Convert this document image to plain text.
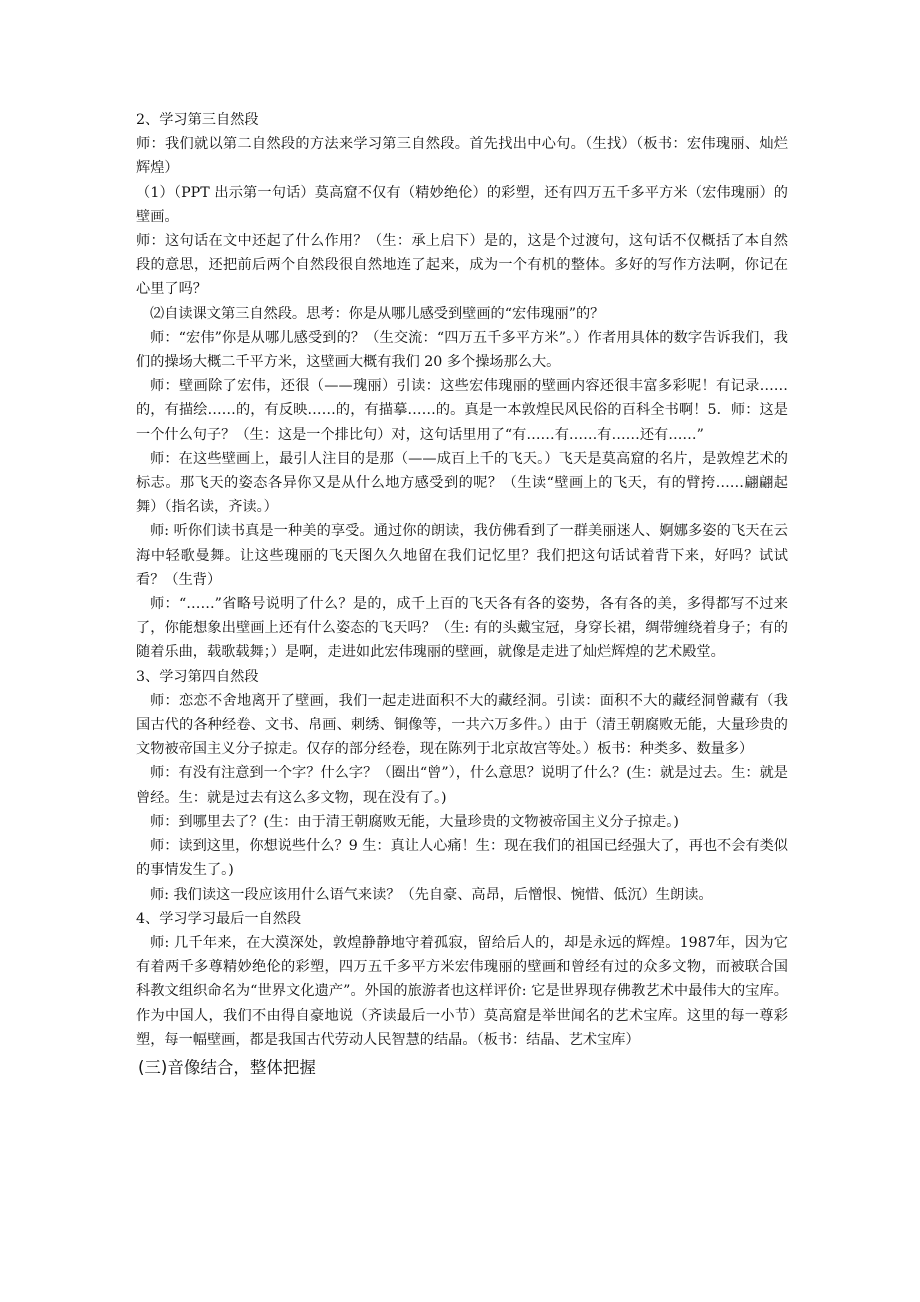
2、学习第三自然段

师：我们就以第二自然段的方法来学习第三自然段。首先找出中心句。（生找）（板书：宏伟瑰丽、灿烂辉煌）

（1）（PPT 出示第一句话）莫高窟不仅有（精妙绝伦）的彩塑，还有四万五千多平方米（宏伟瑰丽）的壁画。

师：这句话在文中还起了什么作用？（生：承上启下）是的，这是个过渡句，这句话不仅概括了本自然段的意思，还把前后两个自然段很自然地连了起来，成为一个有机的整体。多好的写作方法啊，你记在心里了吗？

⑵自读课文第三自然段。思考：你是从哪儿感受到壁画的“宏伟瑰丽”的？

师：“宏伟”你是从哪儿感受到的？（生交流：“四万五千多平方米”。）作者用具体的数字告诉我们，我们的操场大概二千平方米，这壁画大概有我们 20 多个操场那么大。

师：壁画除了宏伟，还很（——瑰丽）引读：这些宏伟瑰丽的壁画内容还很丰富多彩呢！有记录……的，有描绘……的，有反映……的，有描摹……的。真是一本敦煌民风民俗的百科全书啊！5．师：这是一个什么句子？（生：这是一个排比句）对，这句话里用了“有……有……有……还有……”

师：在这些壁画上，最引人注目的是那（——成百上千的飞天。）飞天是莫高窟的名片，是敦煌艺术的标志。那飞天的姿态各异你又是从什么地方感受到的呢？（生读“壁画上的飞天，有的臂挎……翩翩起舞）（指名读，齐读。）

师: 听你们读书真是一种美的享受。通过你的朗读，我仿佛看到了一群美丽迷人、婀娜多姿的飞天在云海中轻歌曼舞。让这些瑰丽的飞天图久久地留在我们记忆里？我们把这句话试着背下来，好吗？试试看？（生背）

师：“……”省略号说明了什么？是的，成千上百的飞天各有各的姿势，各有各的美，多得都写不过来了，你能想象出壁画上还有什么姿态的飞天吗？（生: 有的头戴宝冠，身穿长裙，绸带缠绕着身子；有的随着乐曲，载歌载舞；）是啊，走进如此宏伟瑰丽的壁画，就像是走进了灿烂辉煌的艺术殿堂。

3、学习第四自然段

师：恋恋不舍地离开了壁画，我们一起走进面积不大的藏经洞。引读：面积不大的藏经洞曾藏有（我国古代的各种经卷、文书、帛画、刺绣、铜像等，一共六万多件。）由于（清王朝腐败无能，大量珍贵的文物被帝国主义分子掠走。仅存的部分经卷，现在陈列于北京故宫等处。）板书：种类多、数量多）

师：有没有注意到一个字？什么字？（圈出“曾”），什么意思？说明了什么？(生：就是过去。生：就是曾经。生：就是过去有这么多文物，现在没有了。)

师：到哪里去了？(生：由于清王朝腐败无能，大量珍贵的文物被帝国主义分子掠走。)

师：读到这里，你想说些什么？9 生：真让人心痛！生：现在我们的祖国已经强大了，再也不会有类似的事情发生了。)

师: 我们读这一段应该用什么语气来读？（先自豪、高昂，后憎恨、惋惜、低沉）生朗读。

4、学习学习最后一自然段

师: 几千年来，在大漠深处，敦煌静静地守着孤寂，留给后人的，却是永远的辉煌。1987年，因为它有着两千多尊精妙绝伦的彩塑，四万五千多平方米宏伟瑰丽的壁画和曾经有过的众多文物，而被联合国科教文组织命名为“世界文化遗产”。外国的旅游者也这样评价: 它是世界现存佛教艺术中最伟大的宝库。作为中国人，我们不由得自豪地说（齐读最后一小节）莫高窟是举世闻名的艺术宝库。这里的每一尊彩塑，每一幅壁画，都是我国古代劳动人民智慧的结晶。（板书：结晶、艺术宝库）

(三)音像结合，整体把握
